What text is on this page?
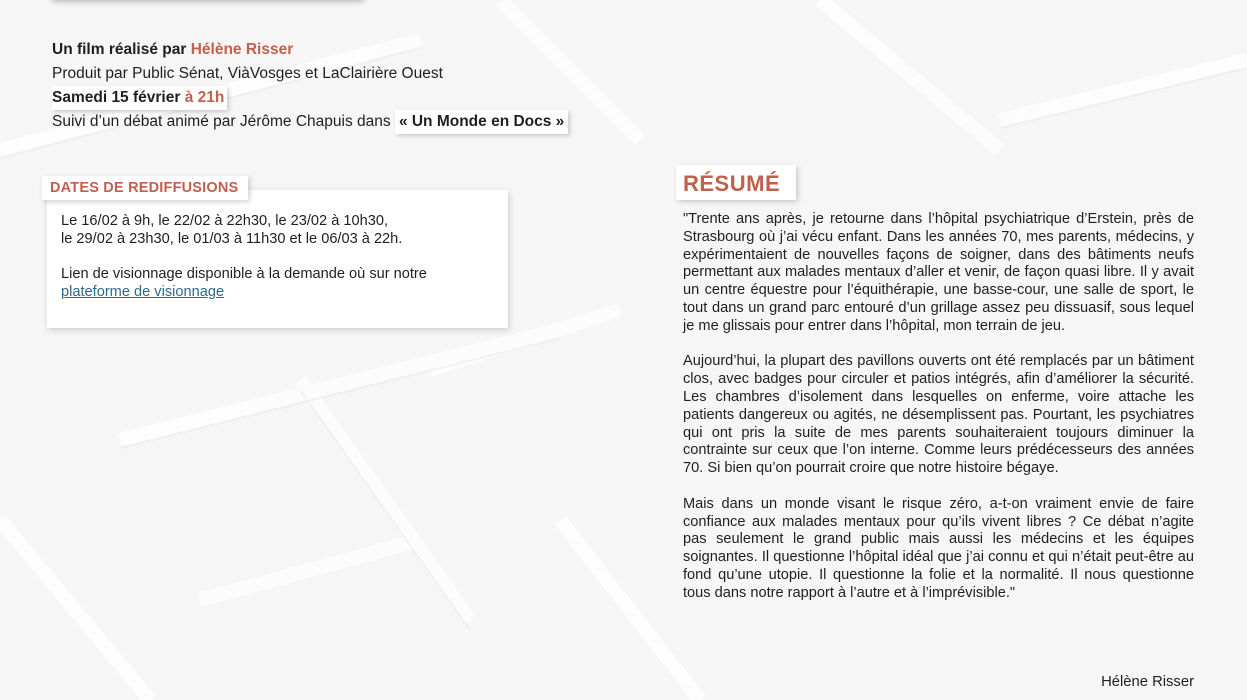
Un film réalisé par Hélène Risser
Produit par Public Sénat, ViàVosges et LaClairière Ouest
Samedi 15 février à 21h
Suivi d’un débat animé par Jérôme Chapuis dans « Un Monde en Docs »
DATES DE REDIFFUSIONS

Le 16/02 à 9h, le 22/02 à 22h30, le 23/02 à 10h30,
le 29/02 à 23h30, le 01/03 à 11h30 et le 06/03 à 22h.

Lien de visionnage disponible à la demande où sur notre
plateforme de visionnage

RÉSUMÉ

"Trente ans après, je retourne dans l’hôpital psychiatrique d’Erstein, près de Strasbourg où j’ai vécu enfant. Dans les années 70, mes parents, médecins, y expérimentaient de nouvelles façons de soigner, dans des bâtiments neufs permettant aux malades mentaux d’aller et venir, de façon quasi libre. Il y avait un centre équestre pour l’équithérapie, une basse-cour, une salle de sport, le tout dans un grand parc entouré d’un grillage assez peu dissuasif, sous lequel je me glissais pour entrer dans l’hôpital, mon terrain de jeu.

Aujourd’hui, la plupart des pavillons ouverts ont été remplacés par un bâtiment clos, avec badges pour circuler et patios intégrés, afin d’améliorer la sécurité. Les chambres d’isolement dans lesquelles on enferme, voire attache les patients dangereux ou agités, ne désemplissent pas. Pourtant, les psychiatres qui ont pris la suite de mes parents souhaiteraient toujours diminuer la contrainte sur ceux que l’on interne. Comme leurs prédécesseurs des années 70. Si bien qu’on pourrait croire que notre histoire bégaye.

Mais dans un monde visant le risque zéro, a-t-on vraiment envie de faire confiance aux malades mentaux pour qu’ils vivent libres ? Ce débat n’agite pas seulement le grand public mais aussi les médecins et les équipes soignantes. Il questionne l’hôpital idéal que j’ai connu et qui n’était peut-être au fond qu’une utopie. Il questionne la folie et la normalité. Il nous questionne tous dans notre rapport à l’autre et à l’imprévisible."

Hélène Risser
